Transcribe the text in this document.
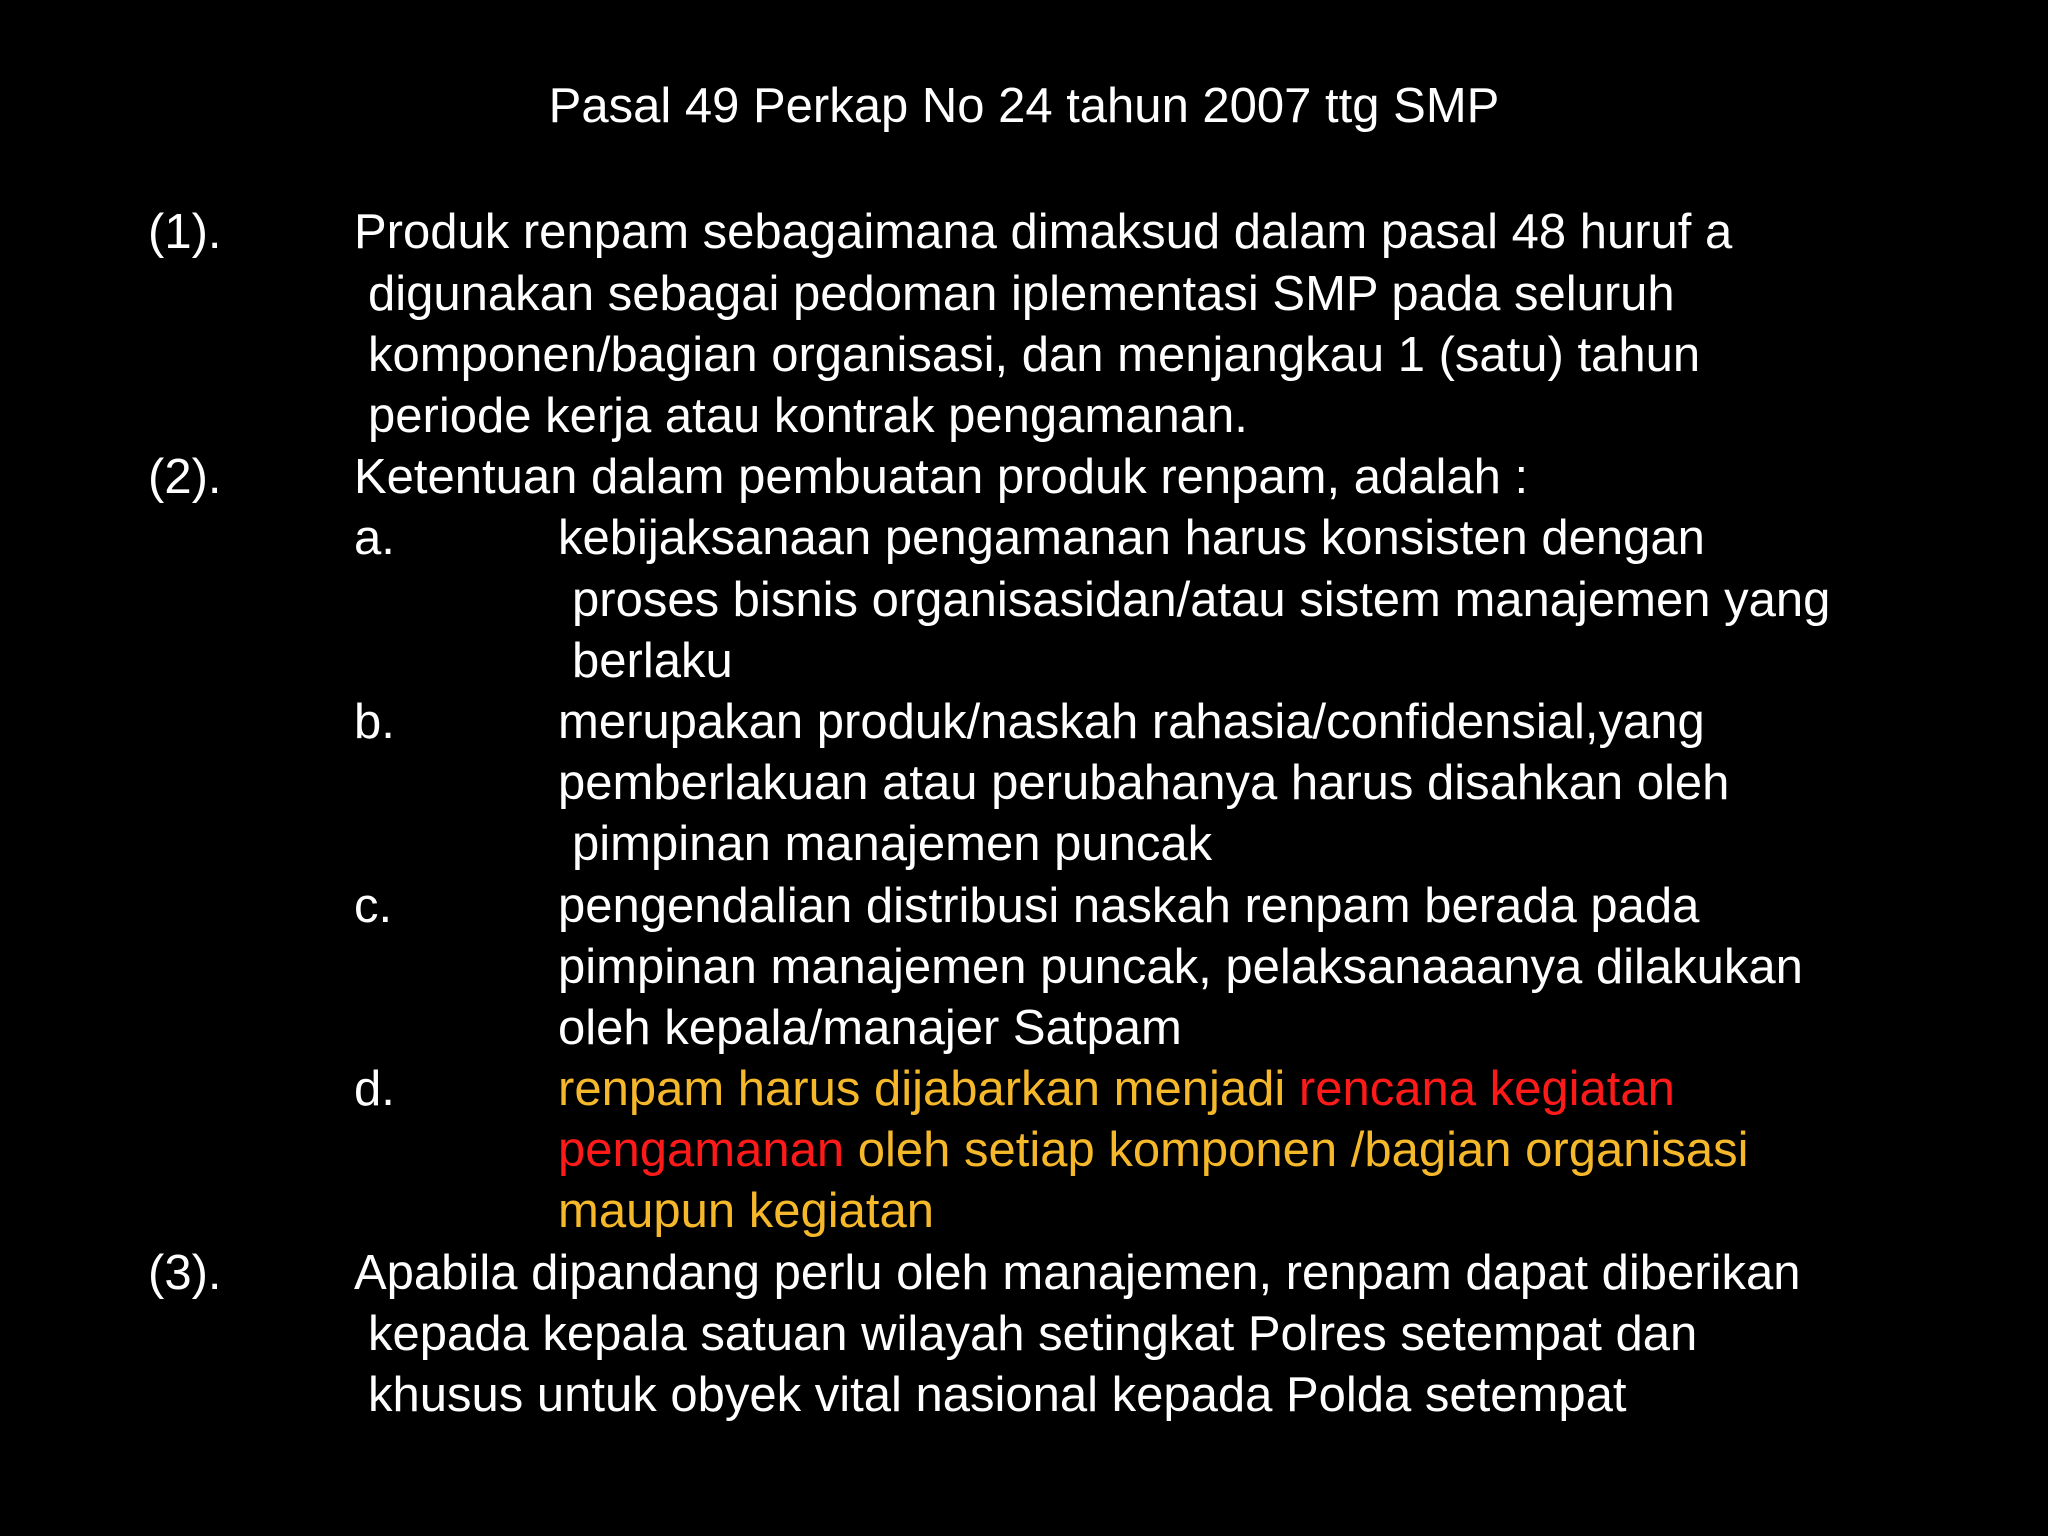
Pasal 49 Perkap No 24 tahun 2007 ttg SMP
(1).	Produk renpam sebagaimana dimaksud dalam pasal 48 huruf a
digunakan sebagai pedoman iplementasi SMP pada seluruh
komponen/bagian organisasi, dan menjangkau 1 (satu) tahun
periode kerja atau kontrak pengamanan.
(2).	Ketentuan dalam pembuatan produk renpam, adalah :
a.	kebijaksanaan pengamanan harus konsisten dengan
proses bisnis organisasidan/atau sistem manajemen yang
berlaku
b.	merupakan produk/naskah rahasia/confidensial,yang
pemberlakuan atau perubahanya harus disahkan oleh
pimpinan manajemen puncak
c.	pengendalian distribusi naskah renpam berada pada
pimpinan manajemen puncak, pelaksanaaanya dilakukan
oleh kepala/manajer Satpam
d.	renpam harus dijabarkan menjadi rencana kegiatan
pengamanan oleh setiap komponen /bagian organisasi
maupun kegiatan
(3).	Apabila dipandang perlu oleh manajemen, renpam dapat diberikan
kepada kepala satuan wilayah setingkat Polres setempat dan
khusus untuk obyek vital nasional kepada Polda setempat
